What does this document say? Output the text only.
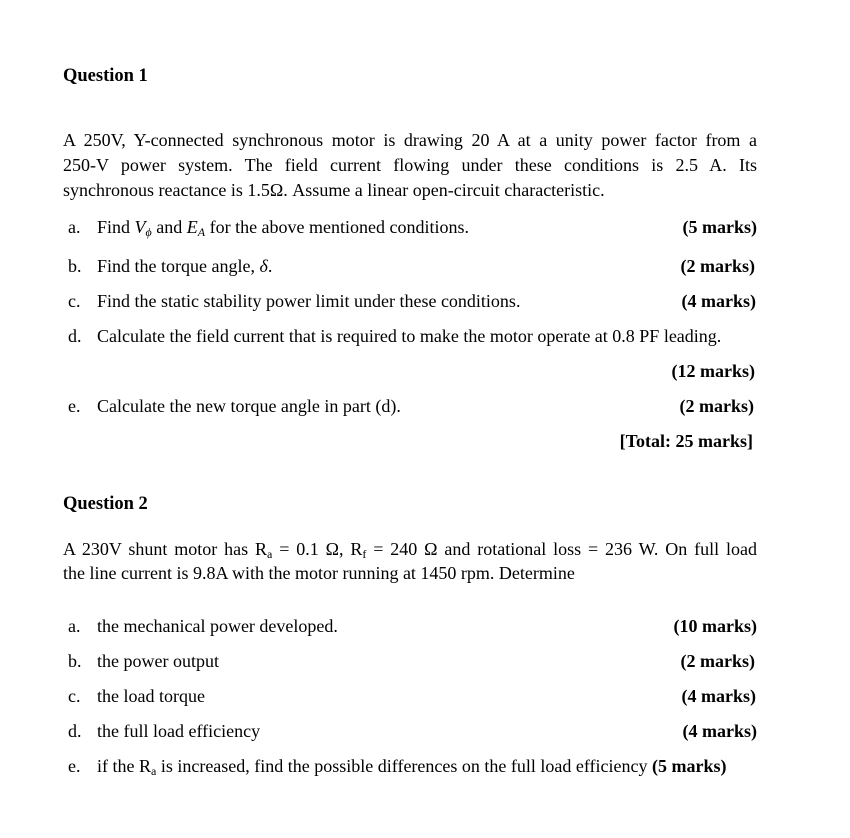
Question 1

A 250V, Y-connected synchronous motor is drawing 20 A at a unity power factor from a
250-V power system. The field current flowing under these conditions is 2.5 A. Its
synchronous reactance is 1.5Ω. Assume a linear open-circuit characteristic.

a. Find $V_\phi$ and $E_A$ for the above mentioned conditions.	(5 marks)
b. Find the torque angle, δ.	(2 marks)
c. Find the static stability power limit under these conditions.	(4 marks)
d. Calculate the field current that is required to make the motor operate at 0.8 PF leading.
(12 marks)
e. Calculate the new torque angle in part (d).	(2 marks)
[Total: 25 marks]

Question 2

A 230V shunt motor has $R_a = 0.1$ Ω, $R_f = 240$ Ω and rotational loss = 236 W. On full load
the line current is 9.8A with the motor running at 1450 rpm. Determine

a. the mechanical power developed.	(10 marks)
b. the power output	(2 marks)
c. the load torque	(4 marks)
d. the full load efficiency	(4 marks)
e. if the $R_a$ is increased, find the possible differences on the full load efficiency (5 marks)
